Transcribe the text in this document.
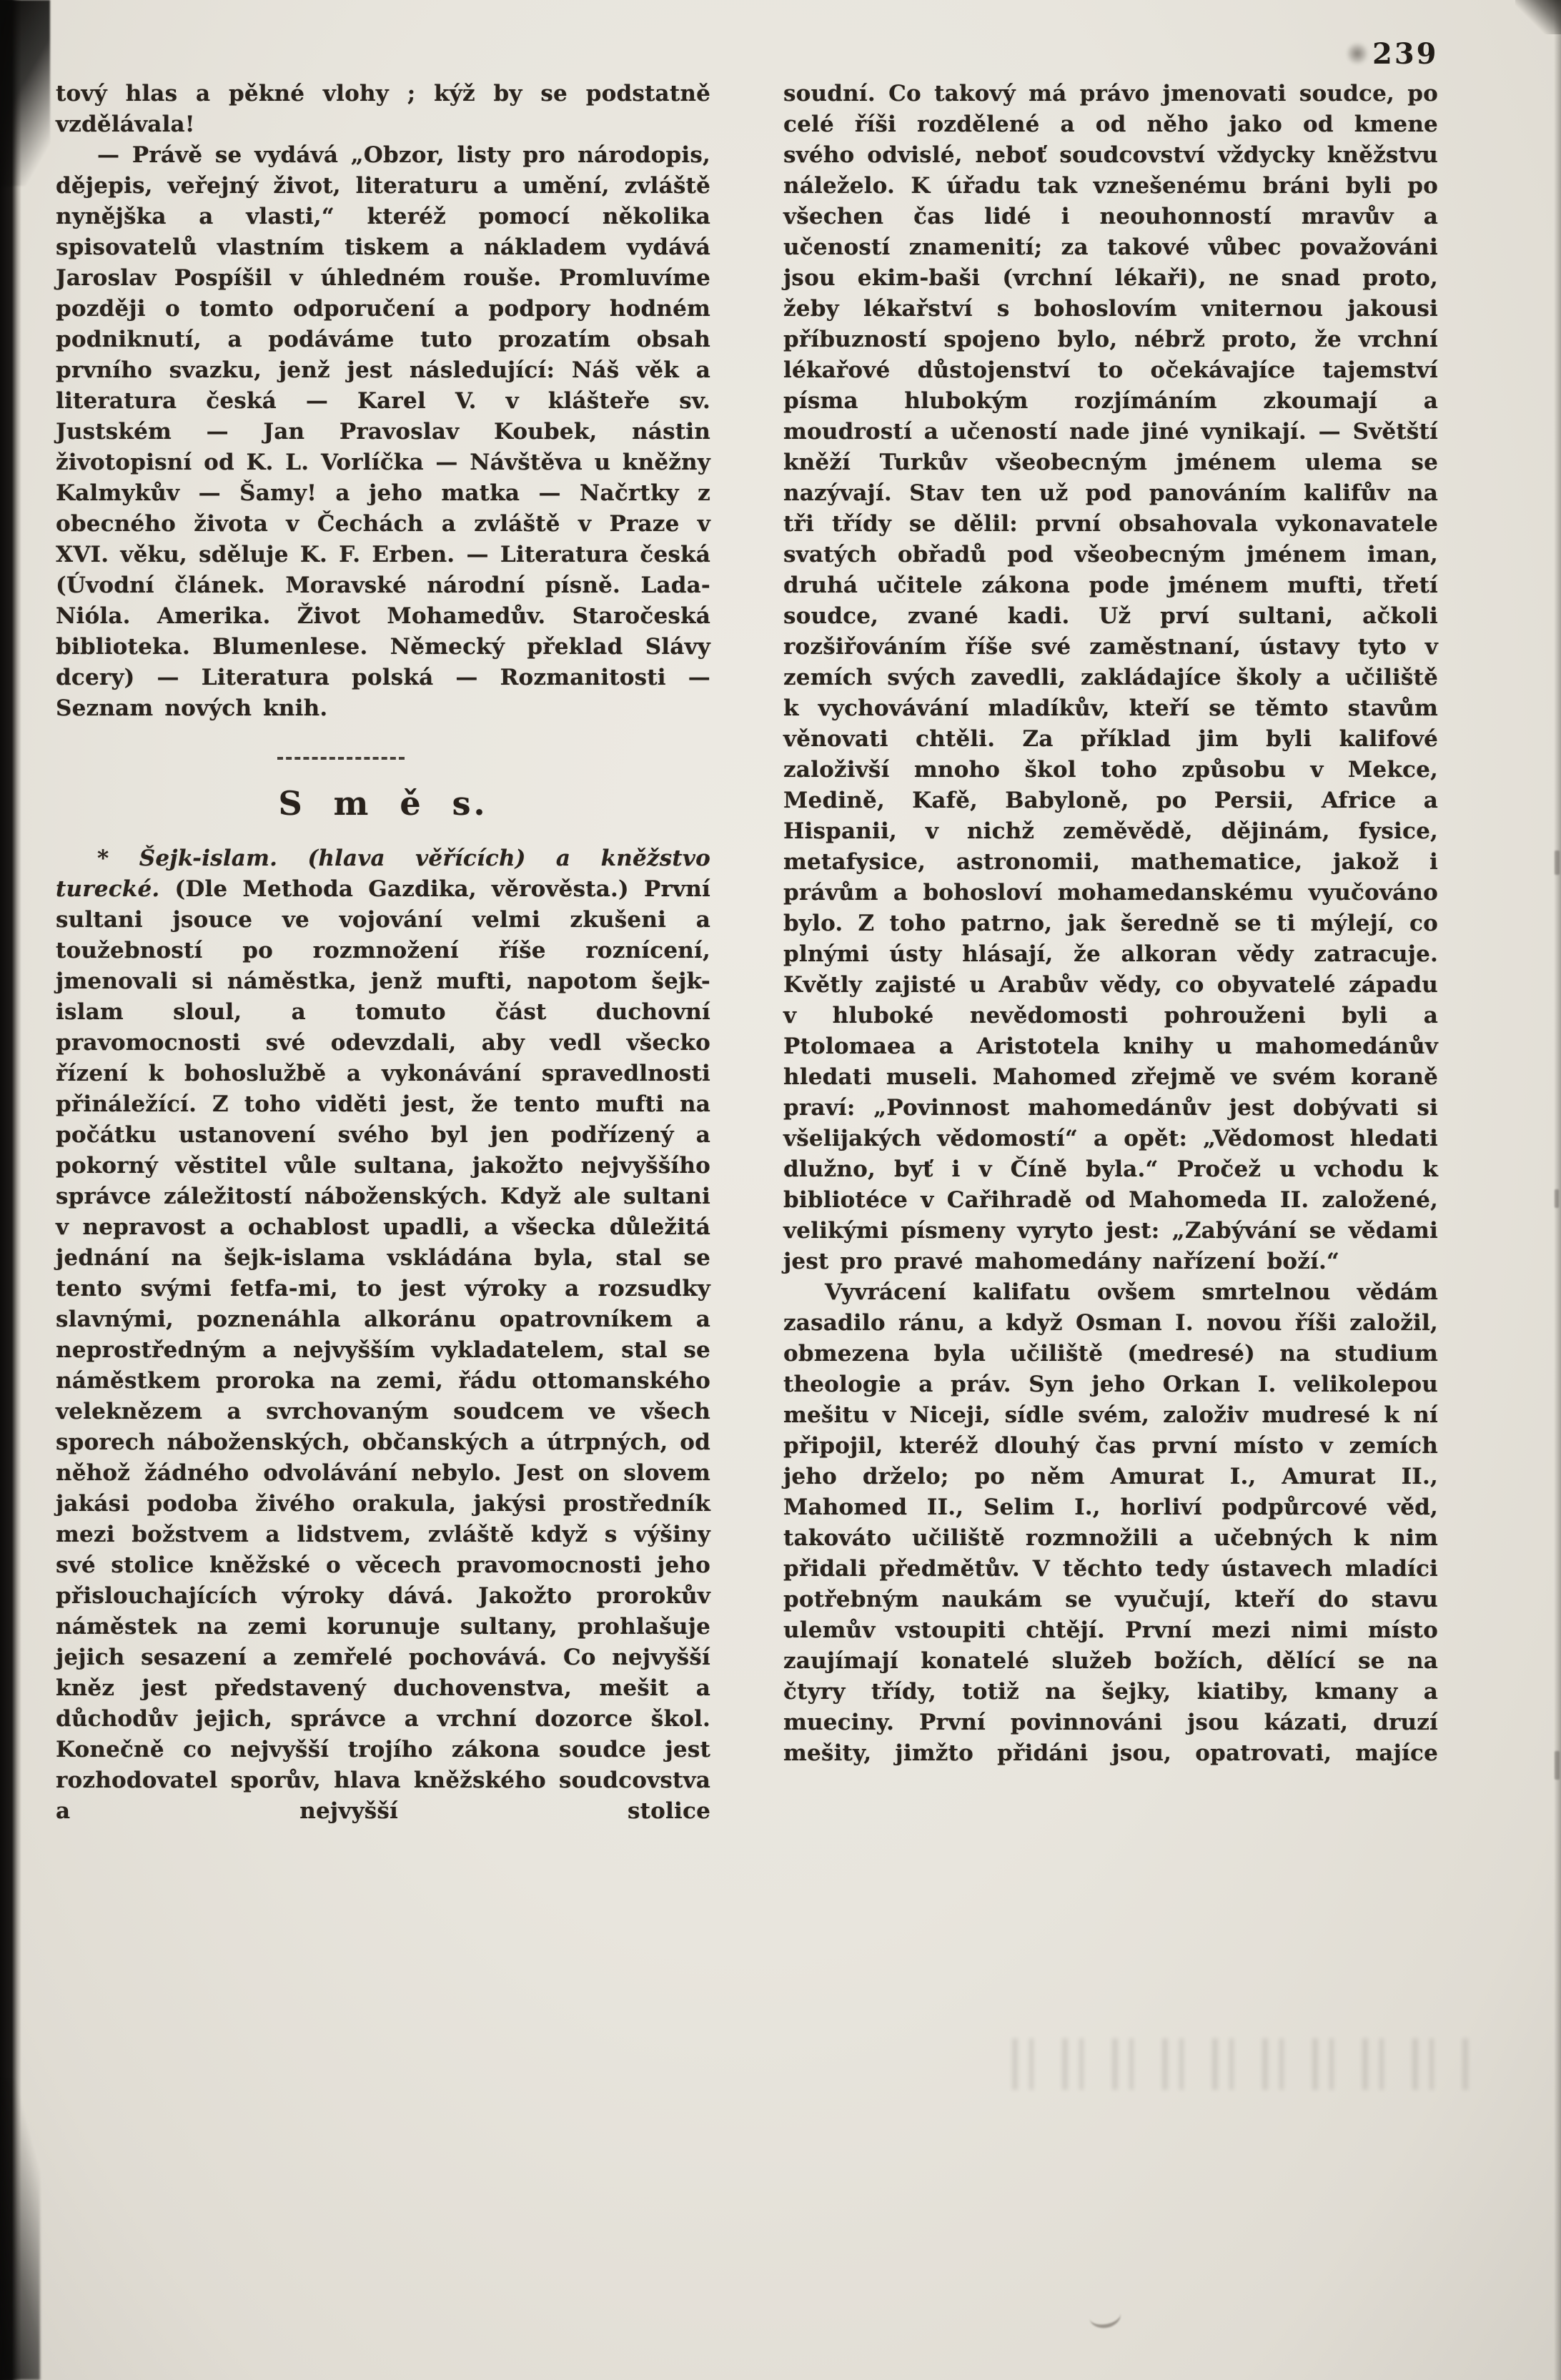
239

tový hlas a pěkné vlohy ; kýž by se podstatně vzdělávala!

— Právě se vydává „Obzor, listy pro národopis, dějepis, veřejný život, literaturu a umění, zvláště nynějška a vlasti,“ kteréž pomocí několika spisovatelů vlastním tiskem a nákladem vydává Jaroslav Pospíšil v úhledném rouše. Promluvíme později o tomto odporučení a podpory hodném podniknutí, a podáváme tuto prozatím obsah prvního svazku, jenž jest následující: Náš věk a literatura česká — Karel V. v klášteře sv. Justském — Jan Pravoslav Koubek, nástin životopisní od K. L. Vorlíčka — Návštěva u kněžny Kalmykův — Šamy! a jeho matka — Načrtky z obecného života v Čechách a zvláště v Praze v XVI. věku, sděluje K. F. Erben. — Literatura česká (Úvodní článek. Moravské národní písně. Lada-Nióla. Amerika. Život Mohamedův. Staročeská biblioteka. Blumenlese. Německý překlad Slávy dcery) — Literatura polská — Rozmanitosti — Seznam nových knih.

S m ě s.

* Šejk-islam. (hlava věřících) a kněžstvo turecké. (Dle Methoda Gazdika, věrověsta.) První sultani jsouce ve vojování velmi zkušeni a toužebností po rozmnožení říše roznícení, jmenovali si náměstka, jenž mufti, napotom šejk-islam sloul, a tomuto část duchovní pravomocnosti své odevzdali, aby vedl všecko řízení k bohoslužbě a vykonávání spravedlnosti přináležící. Z toho viděti jest, že tento mufti na počátku ustanovení svého byl jen podřízený a pokorný věstitel vůle sultana, jakožto nejvyššího správce záležitostí náboženských. Když ale sultani v nepravost a ochablost upadli, a všecka důležitá jednání na šejk-islama vskládána byla, stal se tento svými fetfa-mi, to jest výroky a rozsudky slavnými, poznenáhla alkoránu opatrovníkem a neprostředným a nejvyšším vykladatelem, stal se náměstkem proroka na zemi, řádu ottomanského veleknězem a svrchovaným soudcem ve všech sporech náboženských, občanských a útrpných, od něhož žádného odvolávání nebylo. Jest on slovem jakási podoba živého orakula, jakýsi prostředník mezi božstvem a lidstvem, zvláště když s výšiny své stolice kněžské o věcech pravomocnosti jeho přislouchajících výroky dává. Jakožto prorokův náměstek na zemi korunuje sultany, prohlašuje jejich sesazení a zemřelé pochovává. Co nejvyšší kněz jest představený duchovenstva, mešit a důchodův jejich, správce a vrchní dozorce škol. Konečně co nejvyšší trojího zákona soudce jest rozhodovatel sporův, hlava kněžského soudcovstva a nejvyšší stolice

soudní. Co takový má právo jmenovati soudce, po celé říši rozdělené a od něho jako od kmene svého odvislé, neboť soudcovství vždycky kněžstvu náleželo. K úřadu tak vznešenému bráni byli po všechen čas lidé i neouhonností mravův a učeností znamenití; za takové vůbec považováni jsou ekim-baši (vrchní lékaři), ne snad proto, žeby lékařství s bohoslovím vniternou jakousi příbuzností spojeno bylo, nébrž proto, že vrchní lékařové důstojenství to očekávajíce tajemství písma hlubokým rozjímáním zkoumají a moudrostí a učeností nade jiné vynikají. — Světští kněží Turkův všeobecným jménem ulema se nazývají. Stav ten už pod panováním kalifův na tři třídy se dělil: první obsahovala vykonavatele svatých obřadů pod všeobecným jménem iman, druhá učitele zákona pode jménem mufti, třetí soudce, zvané kadi. Už prví sultani, ačkoli rozšiřováním říše své zaměstnaní, ústavy tyto v zemích svých zavedli, zakládajíce školy a učiliště k vychovávání mladíkův, kteří se těmto stavům věnovati chtěli. Za příklad jim byli kalifové založivší mnoho škol toho způsobu v Mekce, Medině, Kafě, Babyloně, po Persii, Africe a Hispanii, v nichž zeměvědě, dějinám, fysice, metafysice, astronomii, mathematice, jakož i právům a bohosloví mohamedanskému vyučováno bylo. Z toho patrno, jak šeredně se ti mýlejí, co plnými ústy hlásají, že alkoran vědy zatracuje. Květly zajisté u Arabův vědy, co obyvatelé západu v hluboké nevědomosti pohrouženi byli a Ptolomaea a Aristotela knihy u mahomedánův hledati museli. Mahomed zřejmě ve svém koraně praví: „Povinnost mahomedánův jest dobývati si všelijakých vědomostí“ a opět: „Vědomost hledati dlužno, byť i v Číně byla.“ Pročež u vchodu k bibliotéce v Cařihradě od Mahomeda II. založené, velikými písmeny vyryto jest: „Zabývání se vědami jest pro pravé mahomedány nařízení boží.“

Vyvrácení kalifatu ovšem smrtelnou vědám zasadilo ránu, a když Osman I. novou říši založil, obmezena byla učiliště (medresé) na studium theologie a práv. Syn jeho Orkan I. velikolepou mešitu v Niceji, sídle svém, založiv mudresé k ní připojil, kteréž dlouhý čas první místo v zemích jeho drželo; po něm Amurat I., Amurat II., Mahomed II., Selim I., horliví podpůrcové věd, takováto učiliště rozmnožili a učebných k nim přidali předmětův. V těchto tedy ústavech mladíci potřebným naukám se vyučují, kteří do stavu ulemův vstoupiti chtějí. První mezi nimi místo zaujímají konatelé služeb božích, dělící se na čtyry třídy, totiž na šejky, kiatiby, kmany a mueciny. První povinnováni jsou kázati, druzí mešity, jimžto přidáni jsou, opatrovati, majíce
